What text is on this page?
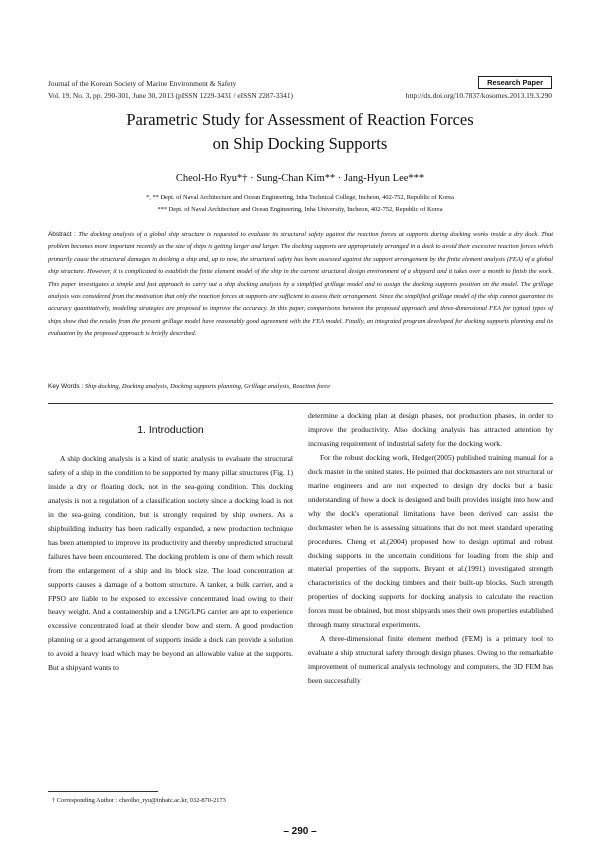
Journal of the Korean Society of Marine Environment & Safety	Research Paper
Vol. 19, No. 3, pp. 290-301, June 30, 2013 (pISSN 1229-3431 / eISSN 2287-3341)	http://dx.doi.org/10.7837/kosomes.2013.19.3.290
Parametric Study for Assessment of Reaction Forces
on Ship Docking Supports
Cheol-Ho Ryu*† · Sung-Chan Kim** · Jang-Hyun Lee***
*, ** Dept. of Naval Architecture and Ocean Engineering, Inha Technical College, Incheon, 402-752, Republic of Korea
*** Dept. of Naval Architecture and Ocean Engineering, Inha University, Incheon, 402-752, Republic of Korea
Abstract : The docking analysis of a global ship structure is requested to evaluate its structural safety against the reaction forces at supports during docking works inside a dry dock. That problem becomes more important recently as the size of ships is getting larger and larger. The docking supports are appropriately arranged in a dock to avoid their excessive reaction forces which primarily cause the structural damages in docking a ship and, up to now, the structural safety has been assessed against the support arrangement by the finite element analysis (FEA) of a global ship structure. However, it is complicated to establish the finite element model of the ship in the current structural design environment of a shipyard and it takes over a month to finish the work. This paper investigates a simple and fast approach to carry out a ship docking analysis by a simplified grillage model and to assign the docking supports position on the model. The grillage analysis was considered from the motivation that only the reaction forces at supports are sufficient to assess their arrangement. Since the simplified grillage model of the ship cannot guarantee its accuracy quantitatively, modeling strategies are proposed to improve the accuracy. In this paper, comparisons between the proposed approach and three-dimensional FEA for typical types of ships show that the results from the present grillage model have reasonably good agreement with the FEA model. Finally, an integrated program developed for docking supports planning and its evaluation by the proposed approach is briefly described.
Key Words : Ship docking, Docking analysis, Docking supports planning, Grillage analysis, Reaction force
1. Introduction

A ship docking analysis is a kind of static analysis to evaluate the structural safety of a ship in the condition to be supported by many pillar structures (Fig. 1) inside a dry or floating dock, not in the sea-going condition. This docking analysis is not a regulation of a classification society since a docking load is not in the sea-going condition, but is strongly required by ship owners. As a shipbuilding industry has been radically expanded, a new production technique has been attempted to improve its productivity and thereby unpredicted structural failures have been encountered. The docking problem is one of them which result from the enlargement of a ship and its block size. The load concentration at supports causes a damage of a bottom structure. A tanker, a bulk carrier, and a FPSO are liable to be exposed to excessive concentrated load owing to their heavy weight. And a containership and a LNG/LPG carrier are apt to experience excessive concentrated load at their slender bow and stern. A good production planning or a good arrangement of supports inside a dock can provide a solution to avoid a heavy load which may be beyond an allowable value at the supports. But a shipyard wants to

determine a docking plan at design phases, not production phases, in order to improve the productivity. Also docking analysis has attracted attention by increasing requirement of industrial safety for the docking work.

For the robust docking work, Hedger(2005) published training manual for a dock master in the united states. He pointed that dockmasters are not structural or marine engineers and are not expected to design dry docks but a basic understanding of how a dock is designed and built provides insight into how and why the dock's operational limitations have been derived can assist the dockmaster when he is assessing situations that do not meet standard operating procedures. Cheng et al.(2004) proposed how to design optimal and robust docking supports in the uncertain conditions for loading from the ship and material properties of the supports. Bryant et al.(1991) investigated strength characteristics of the docking timbers and their built-up blocks. Such strength properties of docking supports for docking analysis to calculate the reaction forces must be obtained, but most shipyards uses their own properties established through many structural experiments.

A three-dimensional finite element method (FEM) is a primary tool to evaluate a ship structural safety through design phases. Owing to the remarkable improvement of numerical analysis technology and computers, the 3D FEM has been successfully

† Corresponding Author : cheolho_ryu@inhatc.ac.kr, 032-870-2173
– 290 –
